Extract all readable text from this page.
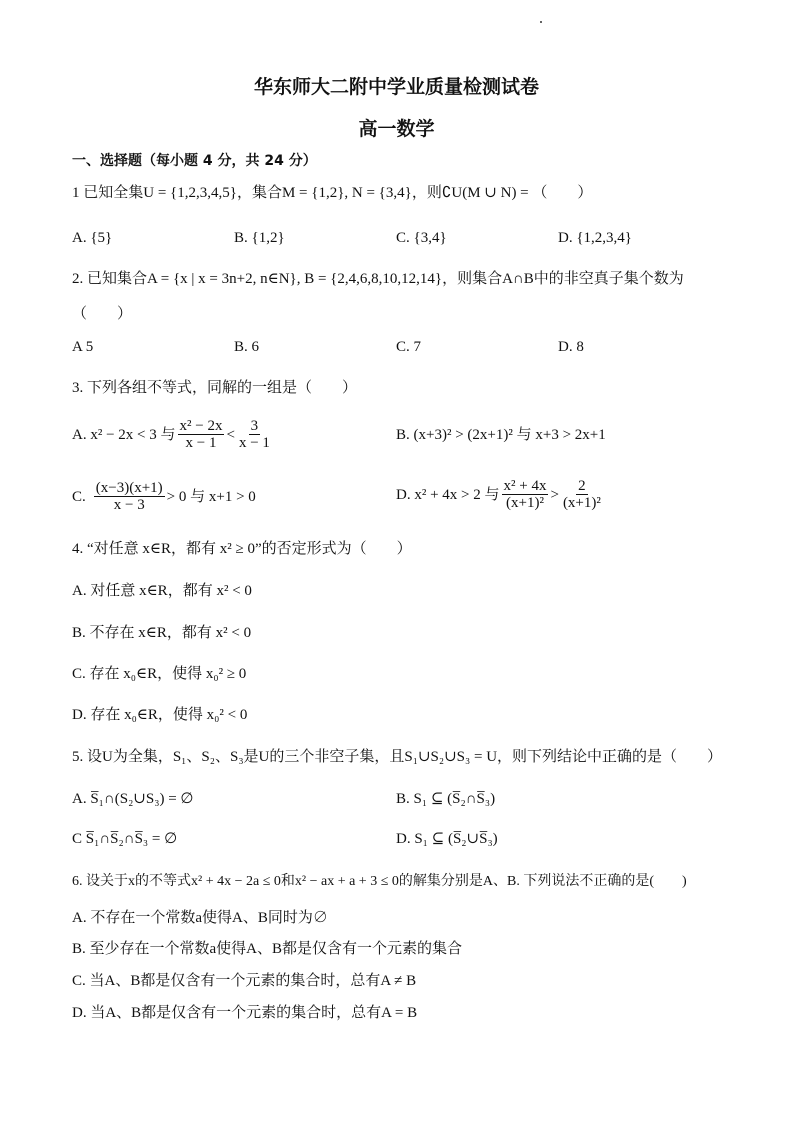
华东师大二附中学业质量检测试卷
高一数学
一、选择题（每小题 4 分，共 24 分）
1 已知全集U = {1,2,3,4,5}，集合M = {1,2}, N = {3,4}，则∁U(M ∪ N) = （　　）
A. {5}	B. {1,2}	C. {3,4}	D. {1,2,3,4}
2. 已知集合A = {x | x = 3n+2, n∈N}, B = {2,4,6,8,10,12,14}，则集合A∩B中的非空真子集个数为
（　　）
A 5	B. 6	C. 7	D. 8
3. 下列各组不等式，同解的一组是（　　）
A. x² − 2x < 3 与 $\frac{\text{x² − 2x}}{x - 1} < \frac{3}{x - 1}$	B. (x+3)² > (2x+1)² 与 x+3 > 2x+1
C. $\frac{(x-3)(x+1)}{x - 3} > 0$ 与 x+1 > 0	D. x² + 4x > 2 与 $\frac{\text{x² + 4x}}{\text{(x+1)²}} > \frac{2}{\text{(x+1)²}}$
4. “对任意 x∈R，都有 x² ≥ 0”的否定形式为（　　）
A. 对任意 x∈R，都有 x² < 0
B. 不存在 x∈R，都有 x² < 0
C. 存在 x₀∈R，使得 x₀² ≥ 0
D. 存在 x₀∈R，使得 x₀² < 0
5. 设U为全集，S₁、S₂、S₃是U的三个非空子集，且S₁∪S₂∪S₃ = U，则下列结论中正确的是（　　）
A. S̅₁∩(S₂∪S₃) = ∅	B. S₁ ⊆ (S̅₂∩S̅₃)
C S̅₁∩S̅₂∩S̅₃ = ∅	D. S₁ ⊆ (S̅₂∪S̅₃)
6. 设关于x的不等式x² + 4x − 2a ≤ 0和x² − ax + a + 3 ≤ 0的解集分别是A、B. 下列说法不正确的是(　　)
A. 不存在一个常数a使得A、B同时为∅
B. 至少存在一个常数a使得A、B都是仅含有一个元素的集合
C. 当A、B都是仅含有一个元素的集合时，总有A ≠ B
D. 当A、B都是仅含有一个元素的集合时，总有A = B
